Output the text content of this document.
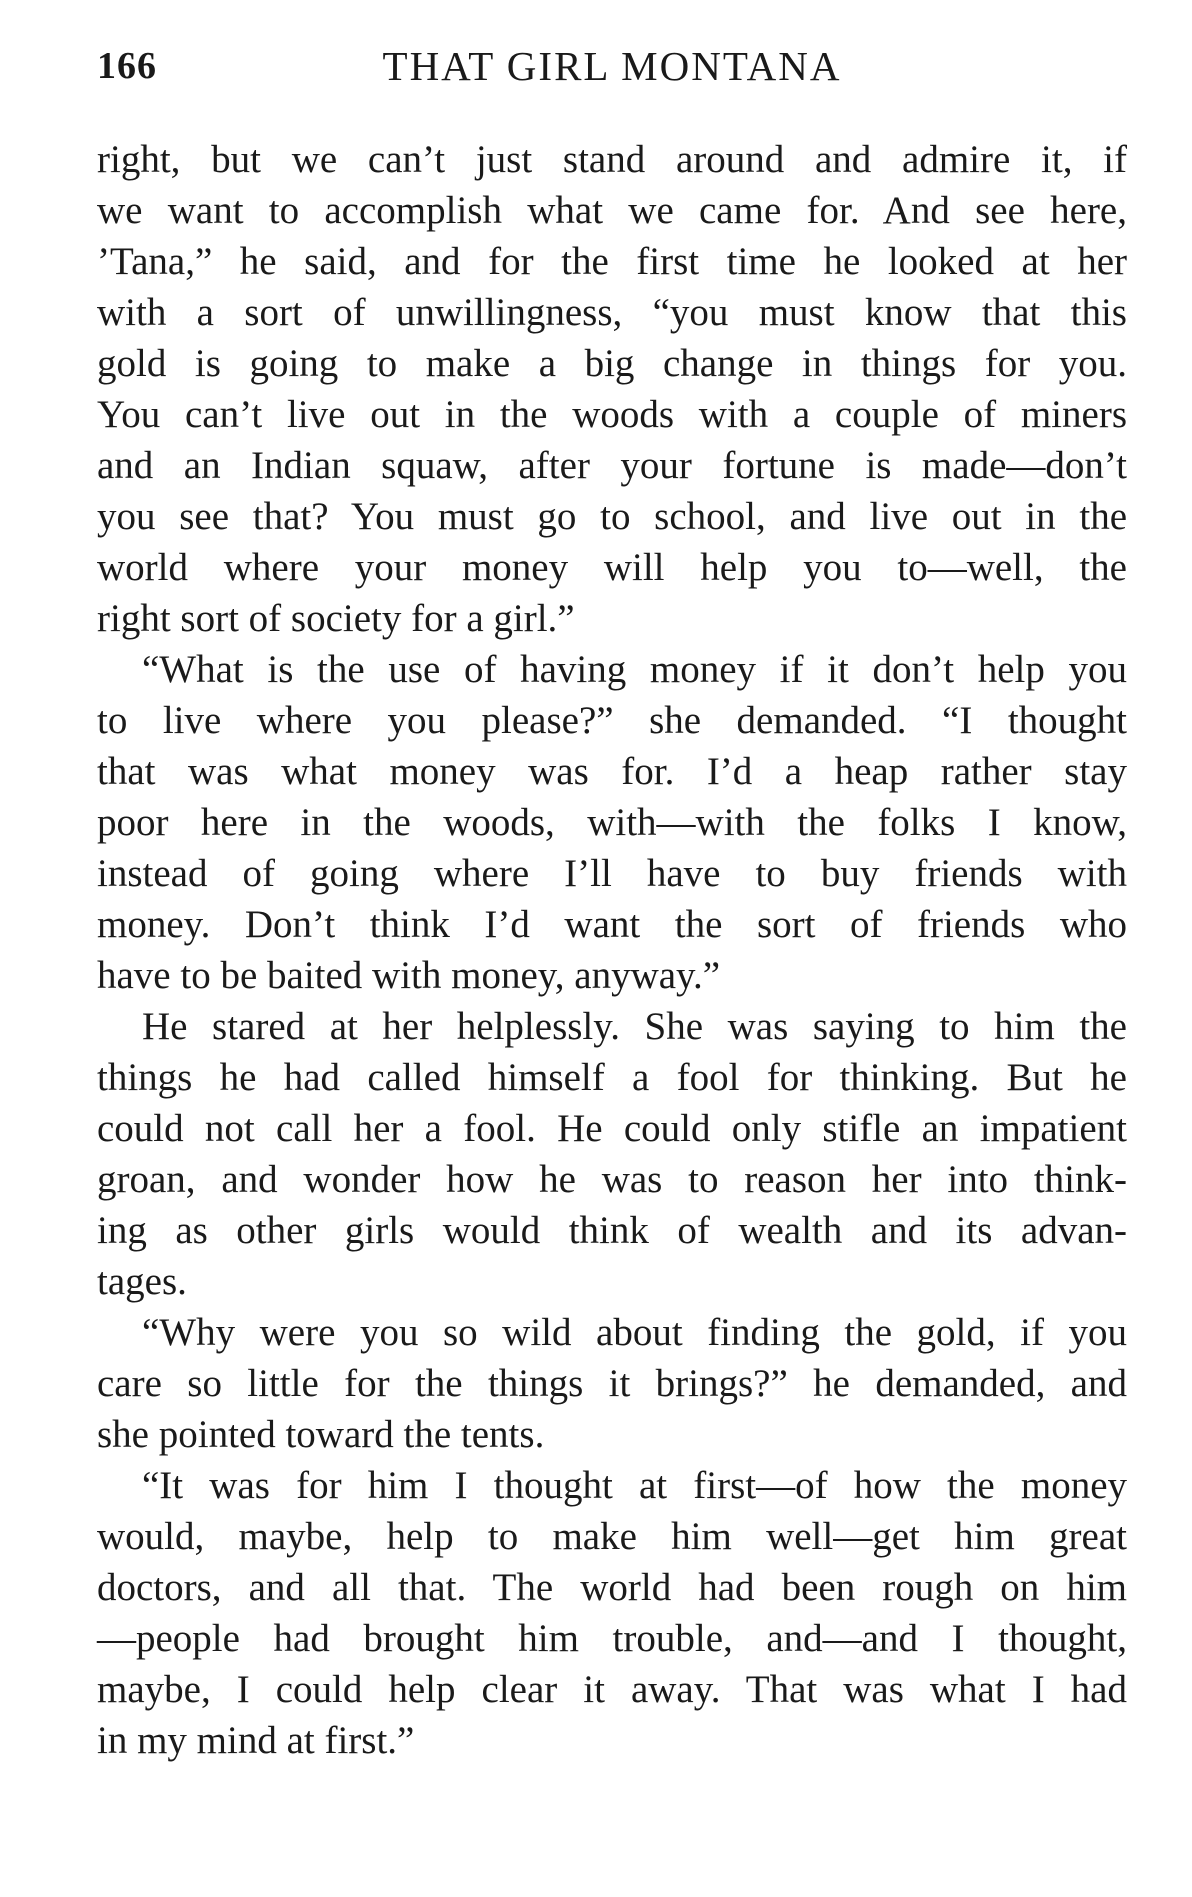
166	THAT GIRL MONTANA
right, but we can’t just stand around and admire it, if
we want to accomplish what we came for. And see here,
’Tana,” he said, and for the first time he looked at her
with a sort of unwillingness, “you must know that this
gold is going to make a big change in things for you.
You can’t live out in the woods with a couple of miners
and an Indian squaw, after your fortune is made—don’t
you see that? You must go to school, and live out in the
world where your money will help you to—well, the
right sort of society for a girl.”
“What is the use of having money if it don’t help you
to live where you please?” she demanded. “I thought
that was what money was for. I’d a heap rather stay
poor here in the woods, with—with the folks I know,
instead of going where I’ll have to buy friends with
money. Don’t think I’d want the sort of friends who
have to be baited with money, anyway.”
He stared at her helplessly. She was saying to him the
things he had called himself a fool for thinking. But he
could not call her a fool. He could only stifle an impatient
groan, and wonder how he was to reason her into think-
ing as other girls would think of wealth and its advan-
tages.
“Why were you so wild about finding the gold, if you
care so little for the things it brings?” he demanded, and
she pointed toward the tents.
“It was for him I thought at first—of how the money
would, maybe, help to make him well—get him great
doctors, and all that. The world had been rough on him
—people had brought him trouble, and—and I thought,
maybe, I could help clear it away. That was what I had
in my mind at first.”
